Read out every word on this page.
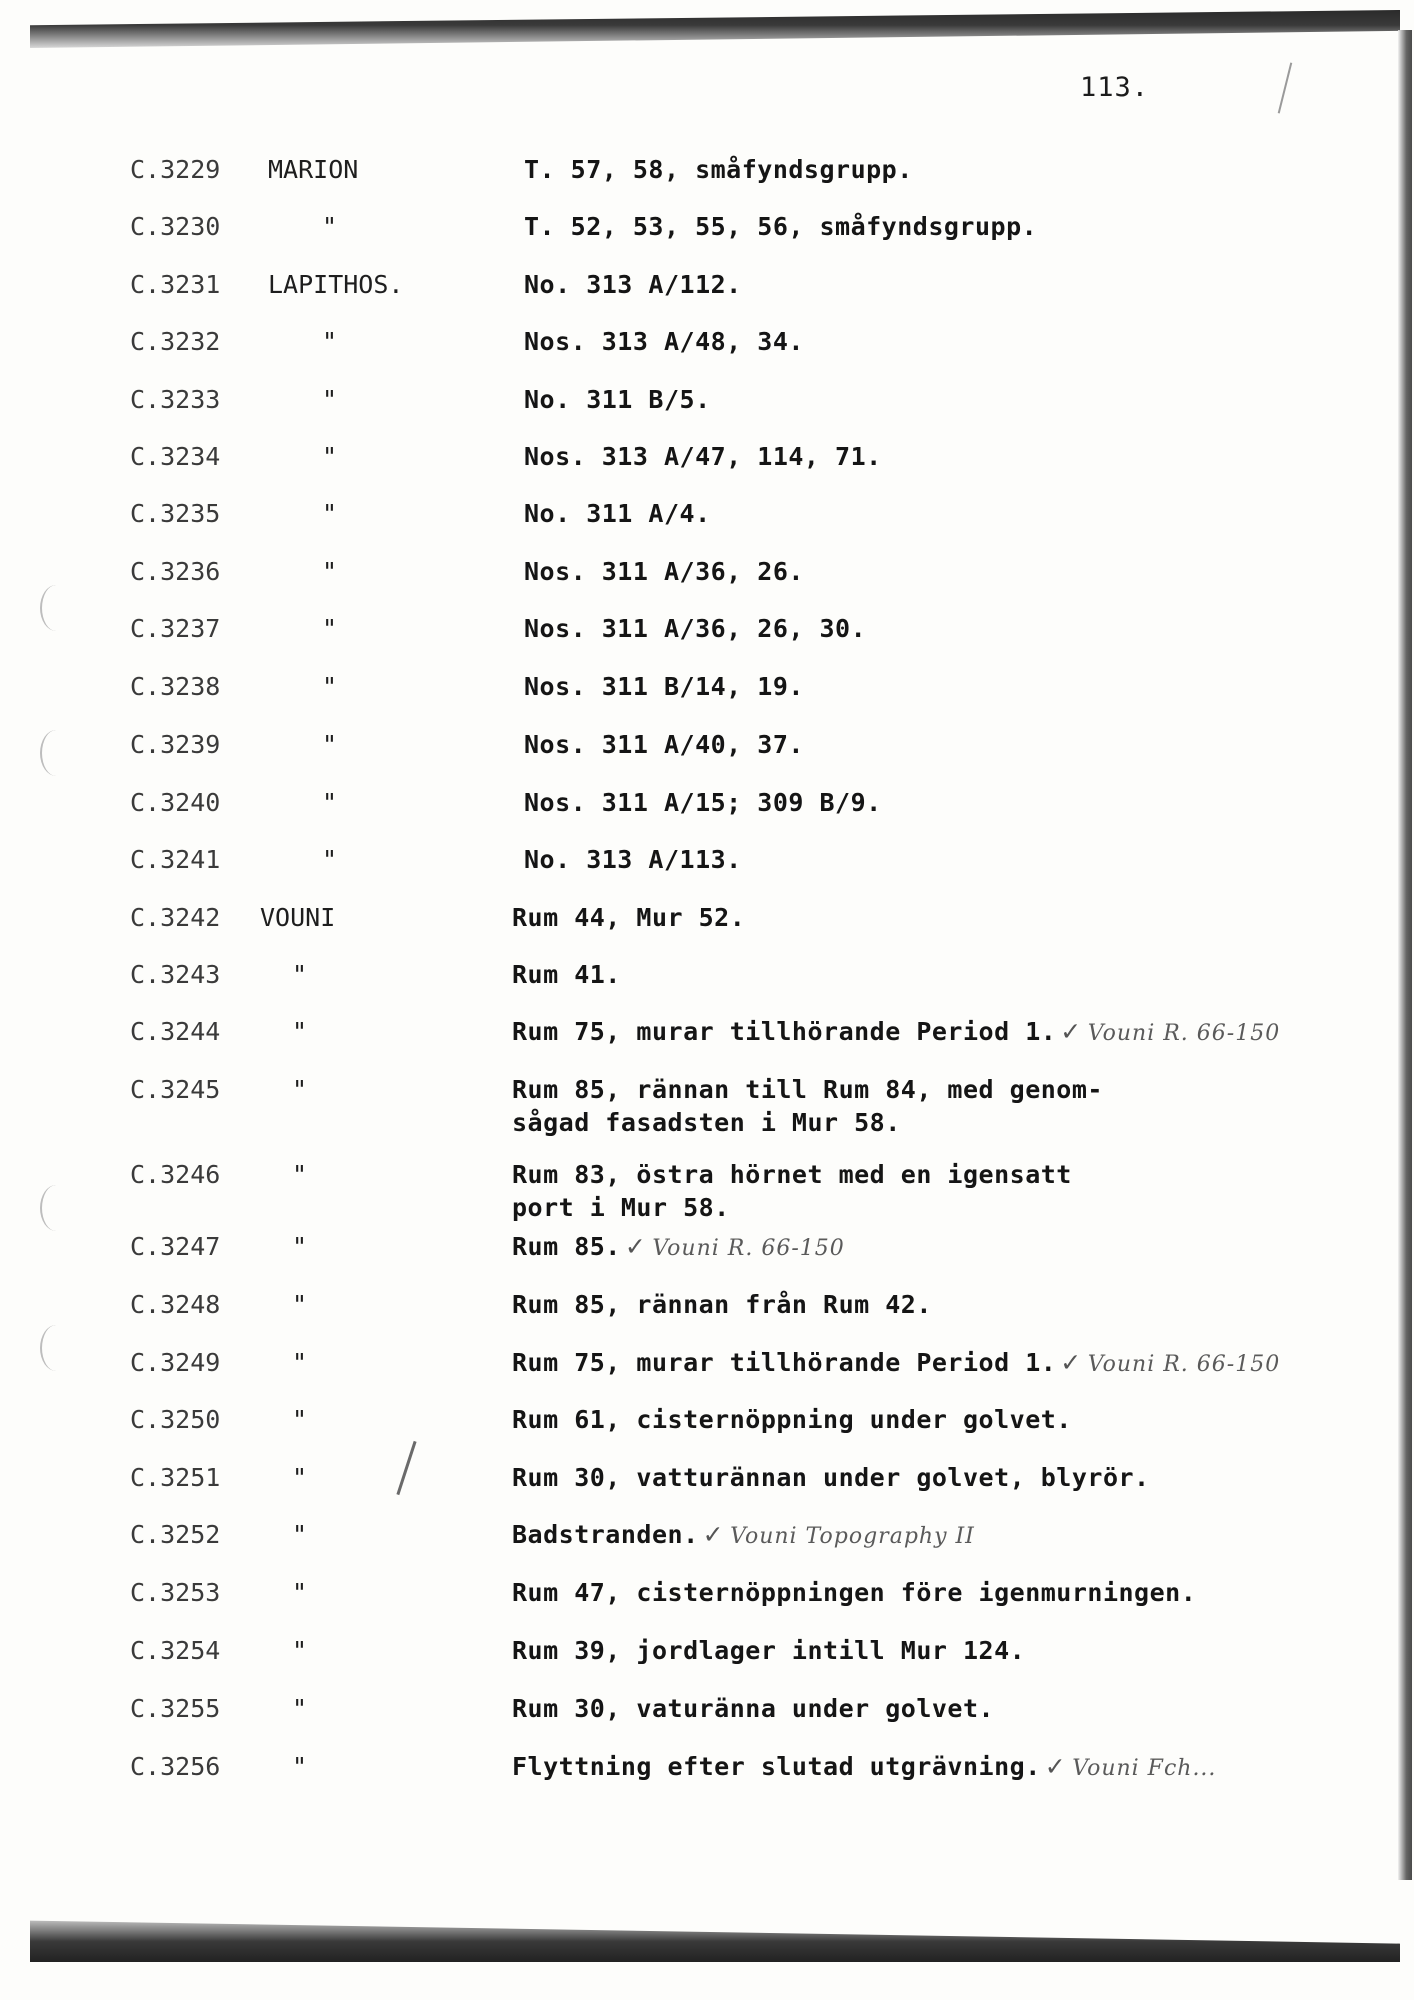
113.
C.3229 MARION	T. 57, 58, småfyndsgrupp.
C.3230	"	T. 52, 53, 55, 56, småfyndsgrupp.
C.3231 LAPITHOS.	No. 313 A/112.
C.3232	"	Nos. 313 A/48, 34.
C.3233	"	No. 311 B/5.
C.3234	"	Nos. 313 A/47, 114, 71.
C.3235	"	No. 311 A/4.
C.3236	"	Nos. 311 A/36, 26.
C.3237	"	Nos. 311 A/36, 26, 30.
C.3238	"	Nos. 311 B/14, 19.
C.3239	"	Nos. 311 A/40, 37.
C.3240	"	Nos. 311 A/15; 309 B/9.
C.3241	"	No. 313 A/113.
C.3242 VOUNI	Rum 44, Mur 52.
C.3243	"	Rum 41.
C.3244	"	Rum 75, murar tillhörande Period 1. ✓ Vouni R. 66-150
C.3245	"	Rum 85, rännan till Rum 84, med genom-
sågad fasadsten i Mur 58.
C.3246	"	Rum 83, östra hörnet med en igensatt
port i Mur 58.
C.3247	"	Rum 85. ✓ Vouni R. 66-150
C.3248	"	Rum 85, rännan från Rum 42.
C.3249	"	Rum 75, murar tillhörande Period 1. ✓ Vouni R. 66-150
C.3250	"	Rum 61, cisternöppning under golvet.
C.3251	"	Rum 30, vatturännan under golvet, blyrör.
C.3252	"	Badstranden. ✓ Vouni Topography II
C.3253	"	Rum 47, cisternöppningen före igenmurningen.
C.3254	"	Rum 39, jordlager intill Mur 124.
C.3255	"	Rum 30, vaturänna under golvet.
C.3256	"	Flyttning efter slutad utgrävning. ✓ Vouni Fch...
